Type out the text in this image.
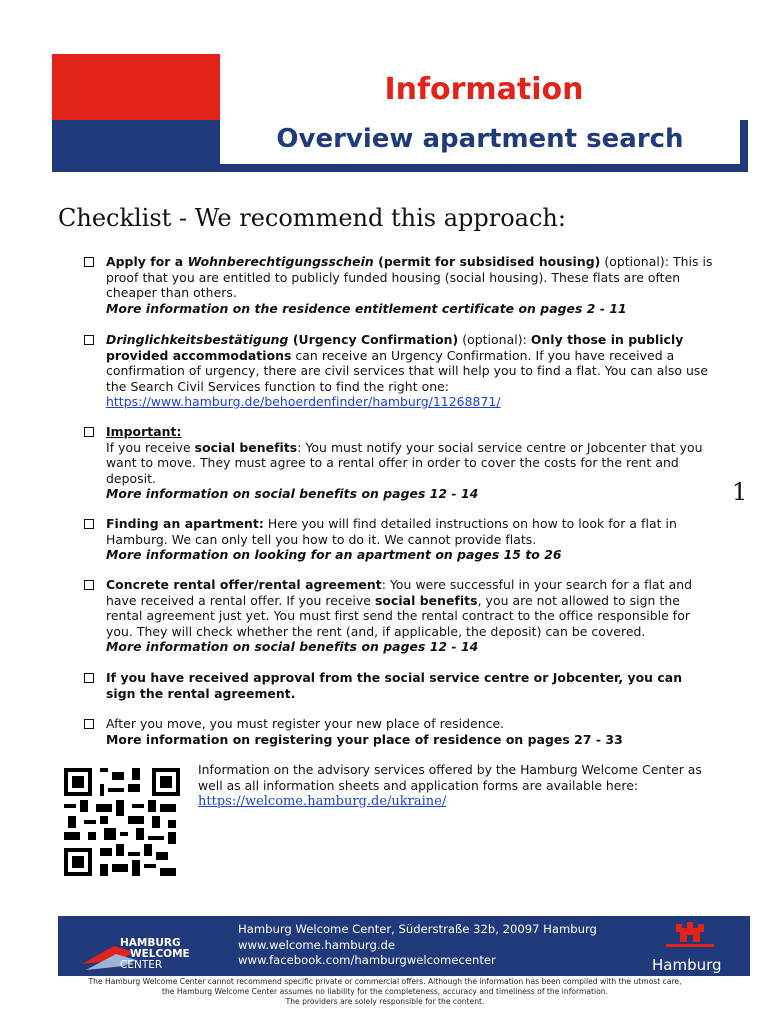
Information
Overview apartment search
Checklist - We recommend this approach:
Apply for a Wohnberechtigungsschein (permit for subsidised housing) (optional): This is proof that you are entitled to publicly funded housing (social housing). These flats are often cheaper than others.
More information on the residence entitlement certificate on pages 2 - 11
Dringlichkeitsbestätigung (Urgency Confirmation) (optional): Only those in publicly provided accommodations can receive an Urgency Confirmation. If you have received a confirmation of urgency, there are civil services that will help you to find a flat. You can also use the Search Civil Services function to find the right one:
https://www.hamburg.de/behoerdenfinder/hamburg/11268871/
Important:
If you receive social benefits: You must notify your social service centre or Jobcenter that you want to move. They must agree to a rental offer in order to cover the costs for the rent and deposit.
More information on social benefits on pages 12 - 14	1
Finding an apartment: Here you will find detailed instructions on how to look for a flat in Hamburg. We can only tell you how to do it. We cannot provide flats.
More information on looking for an apartment on pages 15 to 26
Concrete rental offer/rental agreement: You were successful in your search for a flat and have received a rental offer. If you receive social benefits, you are not allowed to sign the rental agreement just yet. You must first send the rental contract to the office responsible for you. They will check whether the rent (and, if applicable, the deposit) can be covered.
More information on social benefits on pages 12 - 14
If you have received approval from the social service centre or Jobcenter, you can sign the rental agreement.
After you move, you must register your new place of residence.
More information on registering your place of residence on pages 27 - 33
Information on the advisory services offered by the Hamburg Welcome Center as well as all information sheets and application forms are available here:
https://welcome.hamburg.de/ukraine/
HAMBURG
WELCOME
CENTER
Hamburg Welcome Center, Süderstraße 32b, 20097 Hamburg
www.welcome.hamburg.de
www.facebook.com/hamburgwelcomecenter	Hamburg
The Hamburg Welcome Center cannot recommend specific private or commercial offers. Although the information has been compiled with the utmost care,
the Hamburg Welcome Center assumes no liability for the completeness, accuracy and timeliness of the information.
The providers are solely responsible for the content.
